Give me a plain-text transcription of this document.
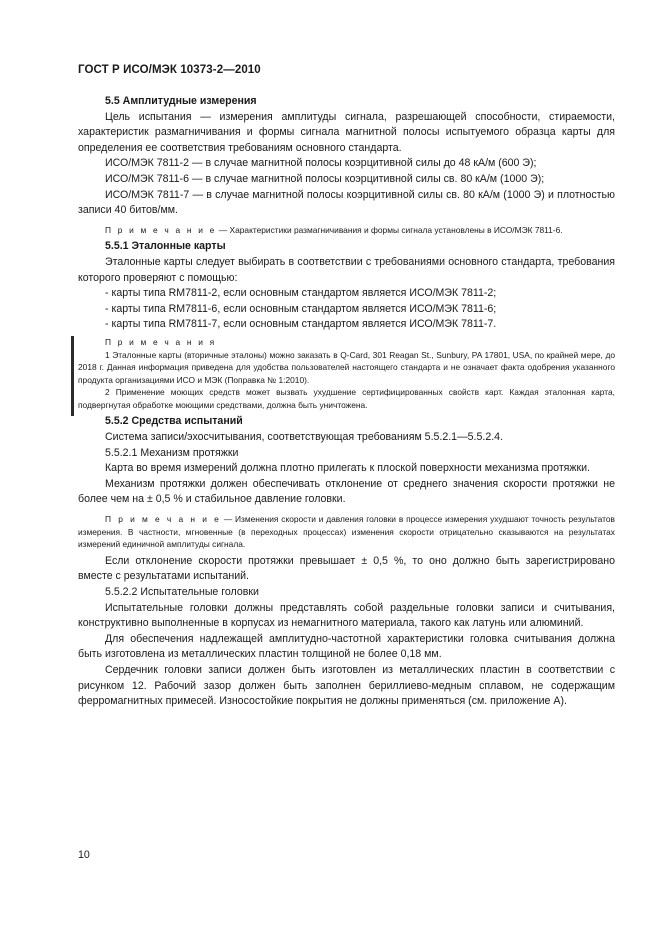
ГОСТ Р ИСО/МЭК 10373-2—2010

5.5 Амплитудные измерения

Цель испытания — измерения амплитуды сигнала, разрешающей способности, стираемости, характеристик размагничивания и формы сигнала магнитной полосы испытуемого образца карты для определения ее соответствия требованиям основного стандарта.

ИСО/МЭК 7811-2 — в случае магнитной полосы коэрцитивной силы до 48 кА/м (600 Э);

ИСО/МЭК 7811-6 — в случае магнитной полосы коэрцитивной силы св. 80 кА/м (1000 Э);

ИСО/МЭК 7811-7 — в случае магнитной полосы коэрцитивной силы св. 80 кА/м (1000 Э) и плотностью записи 40 битов/мм.

П р и м е ч а н и е — Характеристики размагничивания и формы сигнала установлены в ИСО/МЭК 7811-6.

5.5.1 Эталонные карты

Эталонные карты следует выбирать в соответствии с требованиями основного стандарта, требования которого проверяют с помощью:

- карты типа RM7811-2, если основным стандартом является ИСО/МЭК 7811-2;

- карты типа RM7811-6, если основным стандартом является ИСО/МЭК 7811-6;

- карты типа RM7811-7, если основным стандартом является ИСО/МЭК 7811-7.

П р и м е ч а н и я

1 Эталонные карты (вторичные эталоны) можно заказать в Q-Card, 301 Reagan St., Sunbury, PA 17801, USA, по крайней мере, до 2018 г. Данная информация приведена для удобства пользователей настоящего стандарта и не означает факта одобрения указанного продукта организациями ИСО и МЭК (Поправка № 1:2010).

2 Применение моющих средств может вызвать ухудшение сертифицированных свойств карт. Каждая эталонная карта, подвергнутая обработке моющими средствами, должна быть уничтожена.

5.5.2 Средства испытаний

Система записи/эхосчитывания, соответствующая требованиям 5.5.2.1—5.5.2.4.

5.5.2.1 Механизм протяжки

Карта во время измерений должна плотно прилегать к плоской поверхности механизма протяжки.

Механизм протяжки должен обеспечивать отклонение от среднего значения скорости протяжки не более чем на ± 0,5 % и стабильное давление головки.

П р и м е ч а н и е — Изменения скорости и давления головки в процессе измерения ухудшают точность результатов измерения. В частности, мгновенные (в переходных процессах) изменения скорости отрицательно сказываются на результатах измерений единичной амплитуды сигнала.

Если отклонение скорости протяжки превышает ± 0,5 %, то оно должно быть зарегистрировано вместе с результатами испытаний.

5.5.2.2 Испытательные головки

Испытательные головки должны представлять собой раздельные головки записи и считывания, конструктивно выполненные в корпусах из немагнитного материала, такого как латунь или алюминий.

Для обеспечения надлежащей амплитудно-частотной характеристики головка считывания должна быть изготовлена из металлических пластин толщиной не более 0,18 мм.

Сердечник головки записи должен быть изготовлен из металлических пластин в соответствии с рисунком 12. Рабочий зазор должен быть заполнен бериллиево-медным сплавом, не содержащим ферромагнитных примесей. Износостойкие покрытия не должны применяться (см. приложение А).

10
